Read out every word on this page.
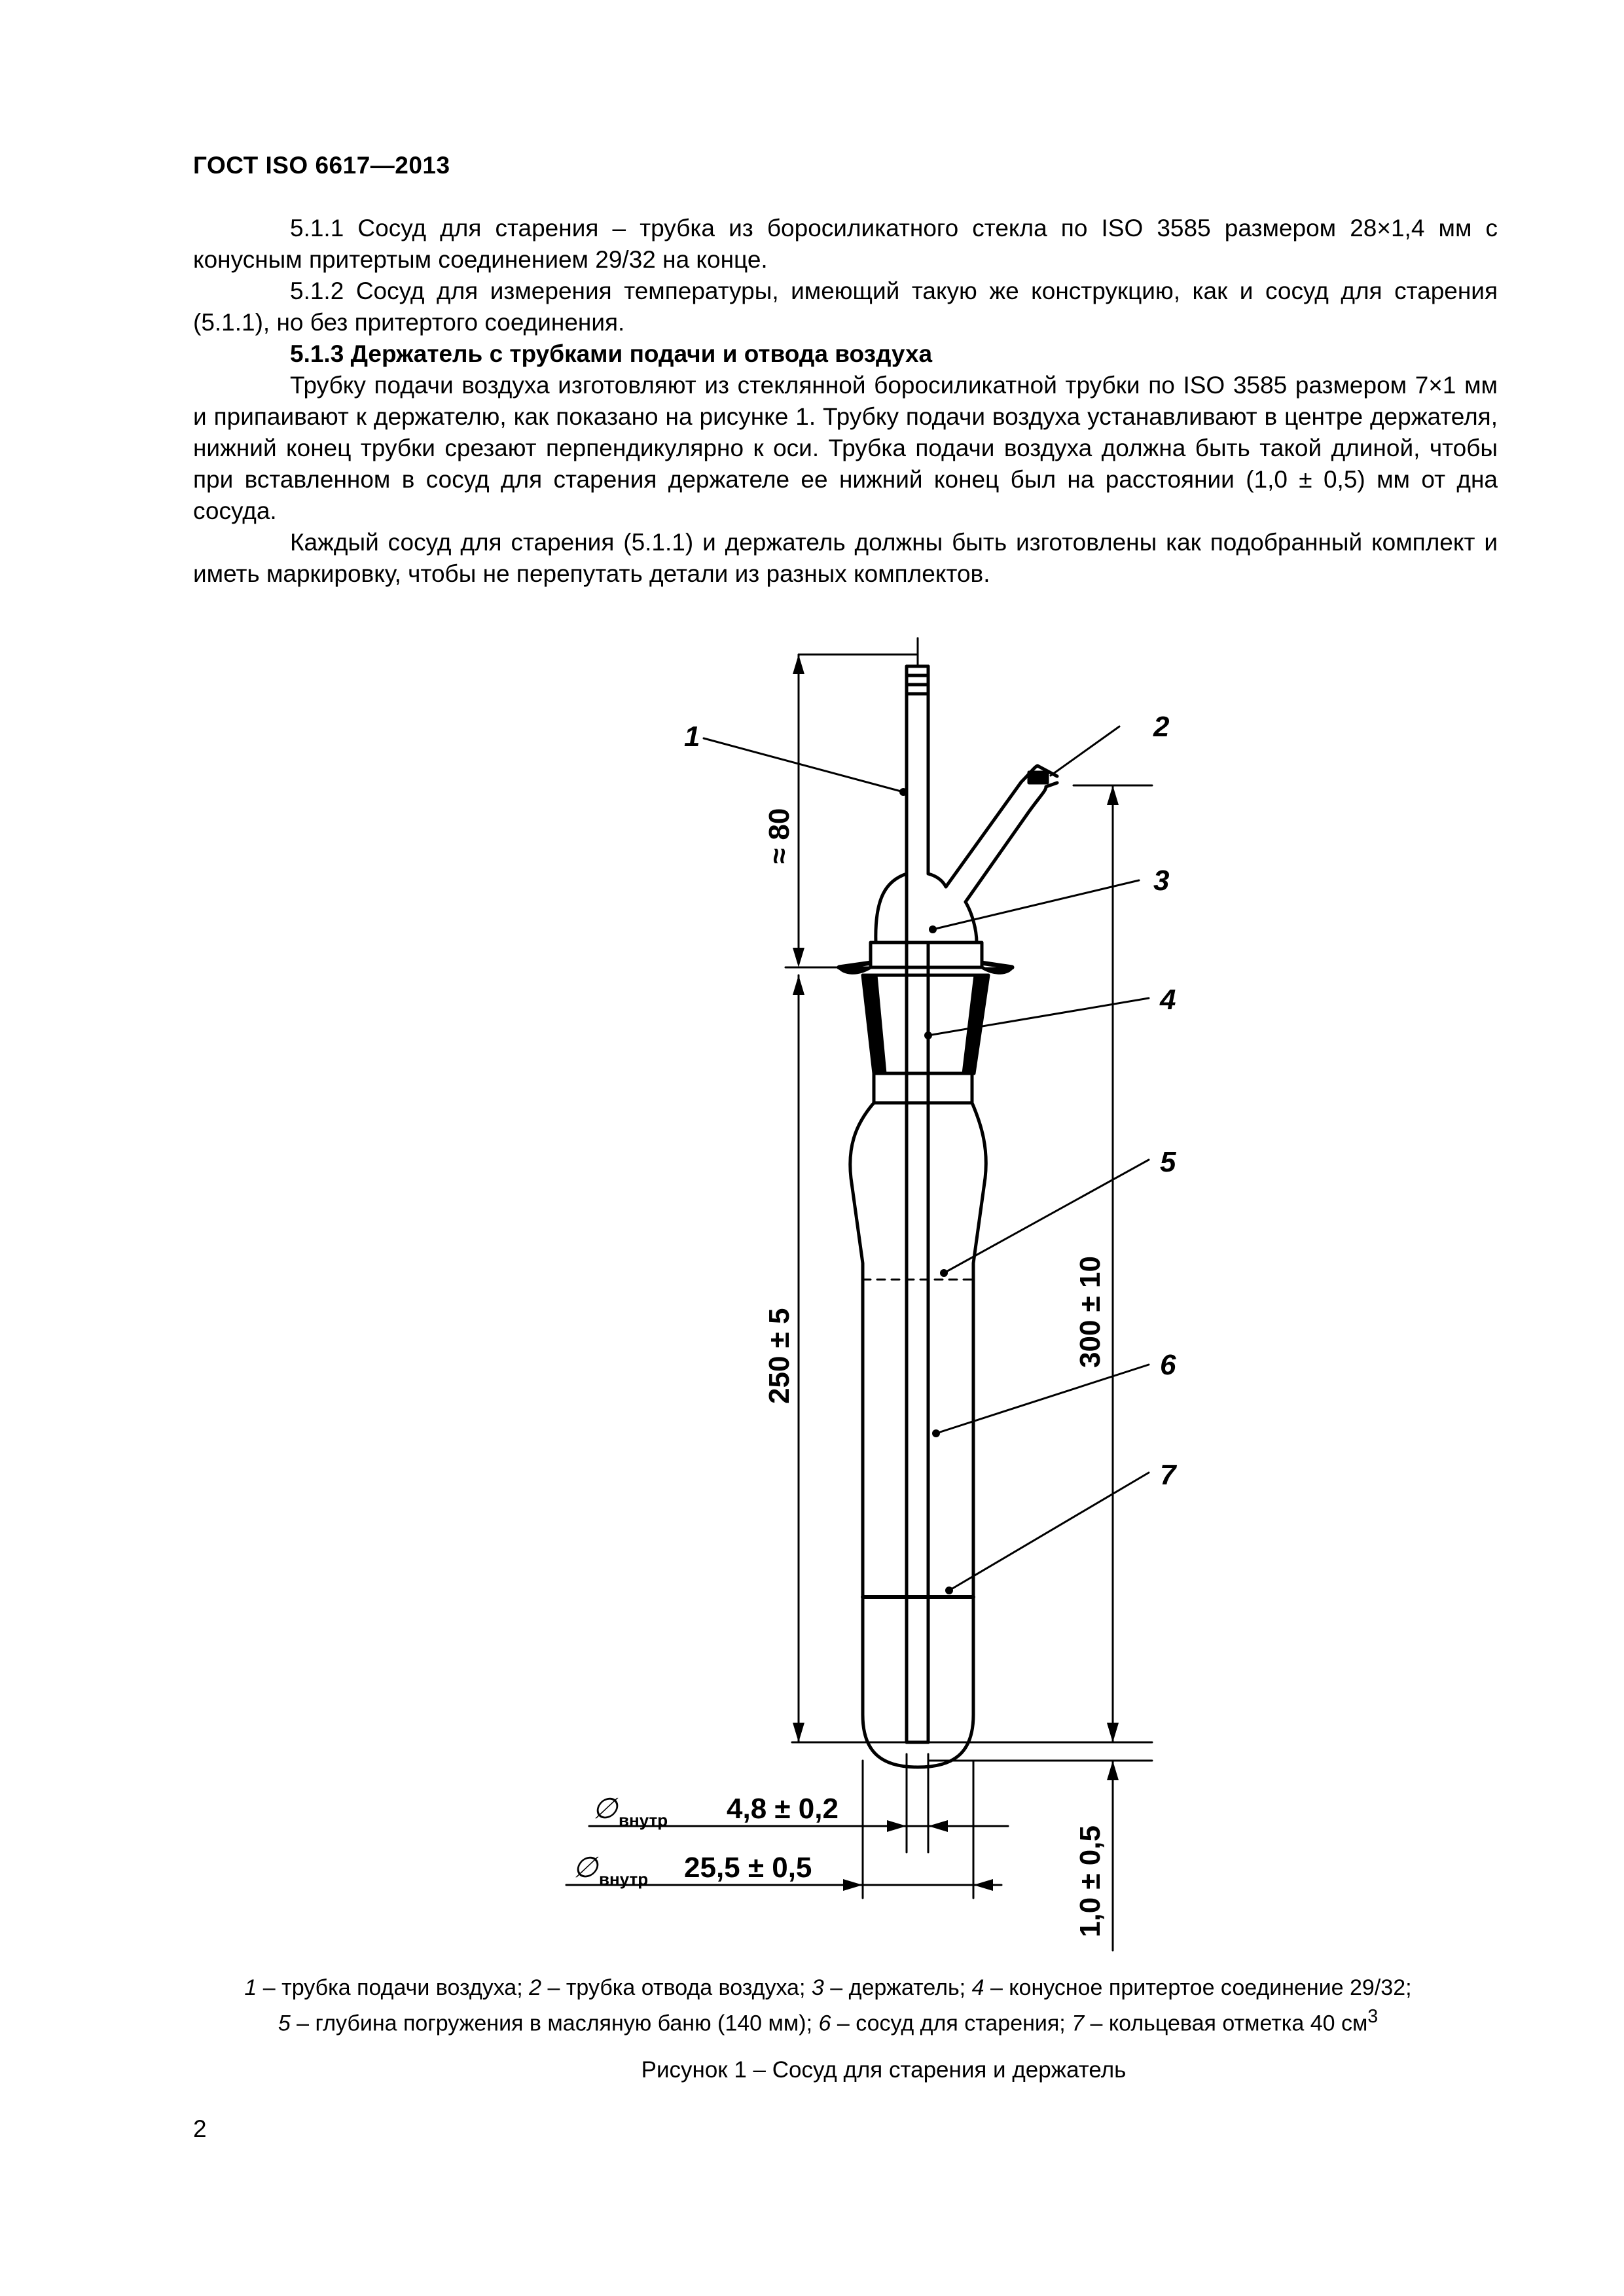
ГОСТ ISO 6617—2013

5.1.1 Сосуд для старения – трубка из боросиликатного стекла по ISO 3585 размером 28×1,4 мм с конусным притертым соединением 29/32 на конце.

5.1.2 Сосуд для измерения температуры, имеющий такую же конструкцию, как и сосуд для старения (5.1.1), но без притертого соединения.

5.1.3 Держатель с трубками подачи и отвода воздуха

Трубку подачи воздуха изготовляют из стеклянной боросиликатной трубки по ISO 3585 размером 7×1 мм и припаивают к держателю, как показано на рисунке 1. Трубку подачи воздуха устанавливают в центре держателя, нижний конец трубки срезают перпендикулярно к оси. Трубка подачи воздуха должна быть такой длиной, чтобы при вставленном в сосуд для старения держателе ее нижний конец был на расстоянии (1,0 ± 0,5) мм от дна сосуда.

Каждый сосуд для старения (5.1.1) и держатель должны быть изготовлены как подобранный комплект и иметь маркировку, чтобы не перепутать детали из разных комплектов.

1	2
3
4
5
6
7
≈ 80
250 ± 5	300 ± 10
1,0 ± 0,5
4,8 ± 0,2
25,5 ± 0,5
∅ внутр
∅ внутр
1 – трубка подачи воздуха; 2 – трубка отвода воздуха; 3 – держатель; 4 – конусное притертое соединение 29/32;
5 – глубина погружения в масляную баню (140 мм); 6 – сосуд для старения; 7 – кольцевая отметка 40 $см^3$
Рисунок 1 – Сосуд для старения и держатель
2
